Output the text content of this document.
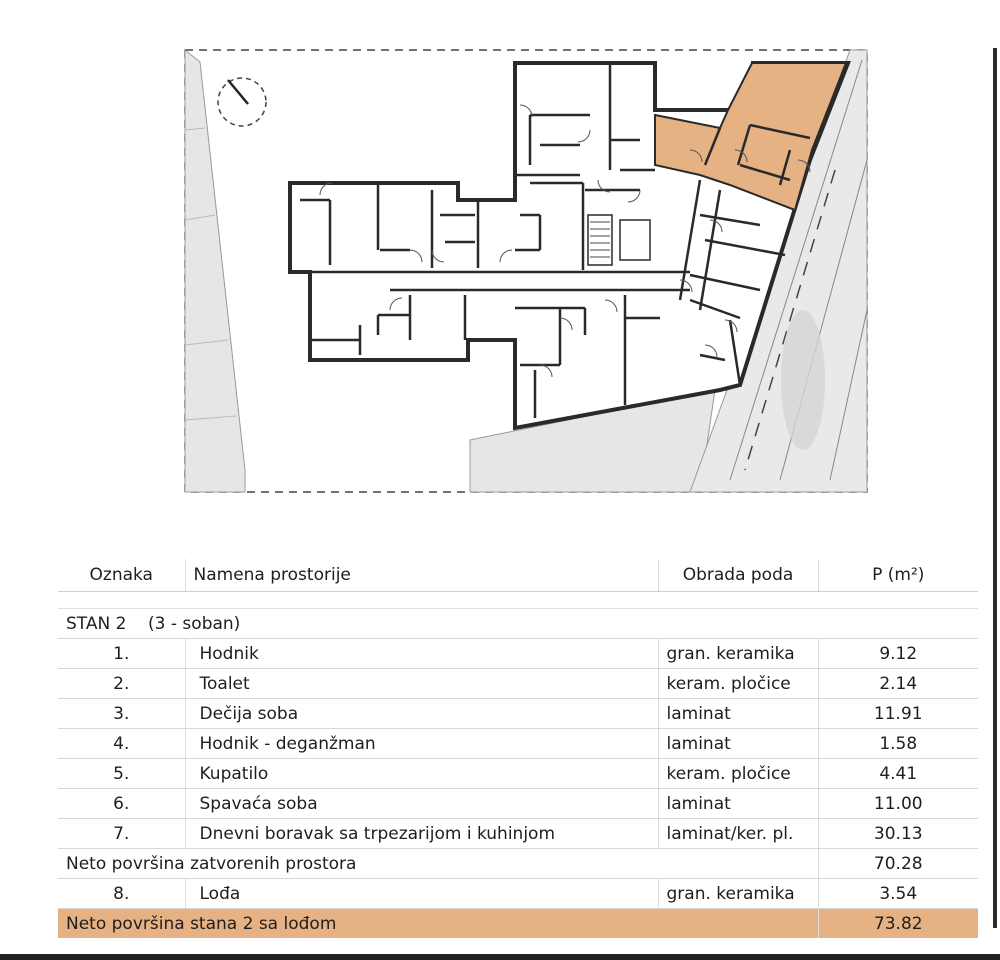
Oznaka	Namena prostorije	Obrada poda	P (m²)

STAN 2 (3 - soban)			
1.	Hodnik	gran. keramika	9.12
2.	Toalet	keram. pločice	2.14
3.	Dečija soba	laminat	11.91
4.	Hodnik - deganžman	laminat	1.58
5.	Kupatilo	keram. pločice	4.41
6.	Spavaća soba	laminat	11.00
7.	Dnevni boravak sa trpezarijom i kuhinjom	laminat/ker. pl.	30.13
Neto površina zatvorenih prostora			70.28
8.	Lođa	gran. keramika	3.54
Neto površina stana 2 sa lođom			73.82
